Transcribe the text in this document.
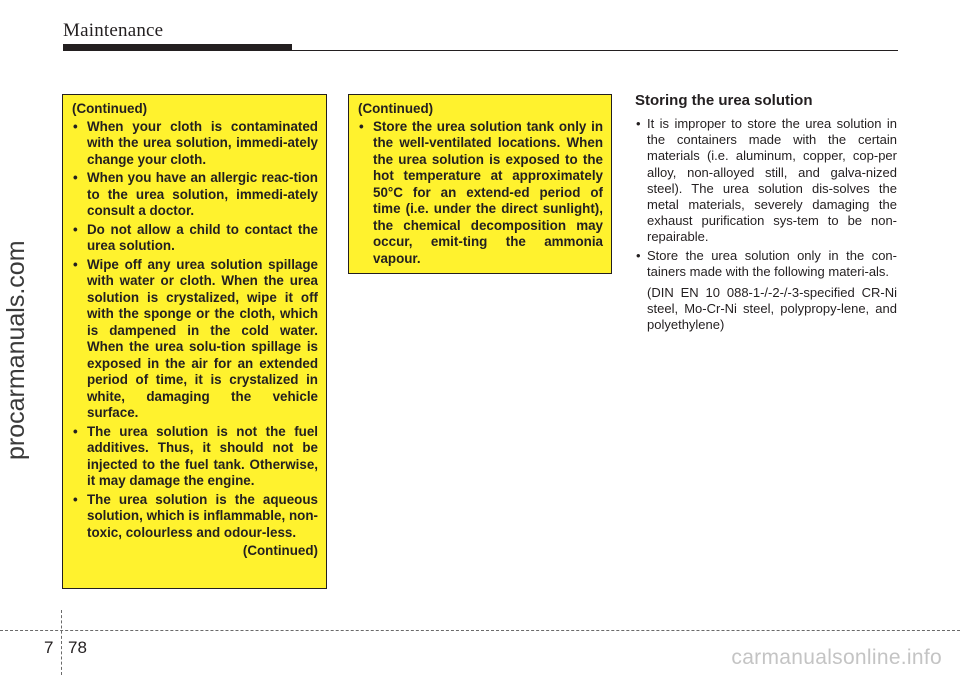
Maintenance
procarmanuals.com
(Continued)
• When your cloth is contaminated with the urea solution, immedi-ately change your cloth.
• When you have an allergic reac-tion to the urea solution, immedi-ately consult a doctor.
• Do not allow a child to contact the urea solution.
• Wipe off any urea solution spillage with water or cloth. When the urea solution is crystalized, wipe it off with the sponge or the cloth, which is dampened in the cold water. When the urea solu-tion spillage is exposed in the air for an extended period of time, it is crystalized in white, damaging the vehicle surface.
• The urea solution is not the fuel additives. Thus, it should not be injected to the fuel tank. Otherwise, it may damage the engine.
• The urea solution is the aqueous solution, which is inflammable, non-toxic, colourless and odour-less.
(Continued)
(Continued)
• Store the urea solution tank only in the well-ventilated locations. When the urea solution is exposed to the hot temperature at approximately 50°C for an extend-ed period of time (i.e. under the direct sunlight), the chemical decomposition may occur, emit-ting the ammonia vapour.
Storing the urea solution

• It is improper to store the urea solution in the containers made with the certain materials (i.e. aluminum, copper, cop-per alloy, non-alloyed still, and galva-nized steel). The urea solution dis-solves the metal materials, severely damaging the exhaust purification sys-tem to be non-repairable.

• Store the urea solution only in the con-tainers made with the following materi-als.

(DIN EN 10 088-1-/-2-/-3-specified CR-Ni steel, Mo-Cr-Ni steel, polypropy-lene, and polyethylene)

7 78	carmanualsonline.info
